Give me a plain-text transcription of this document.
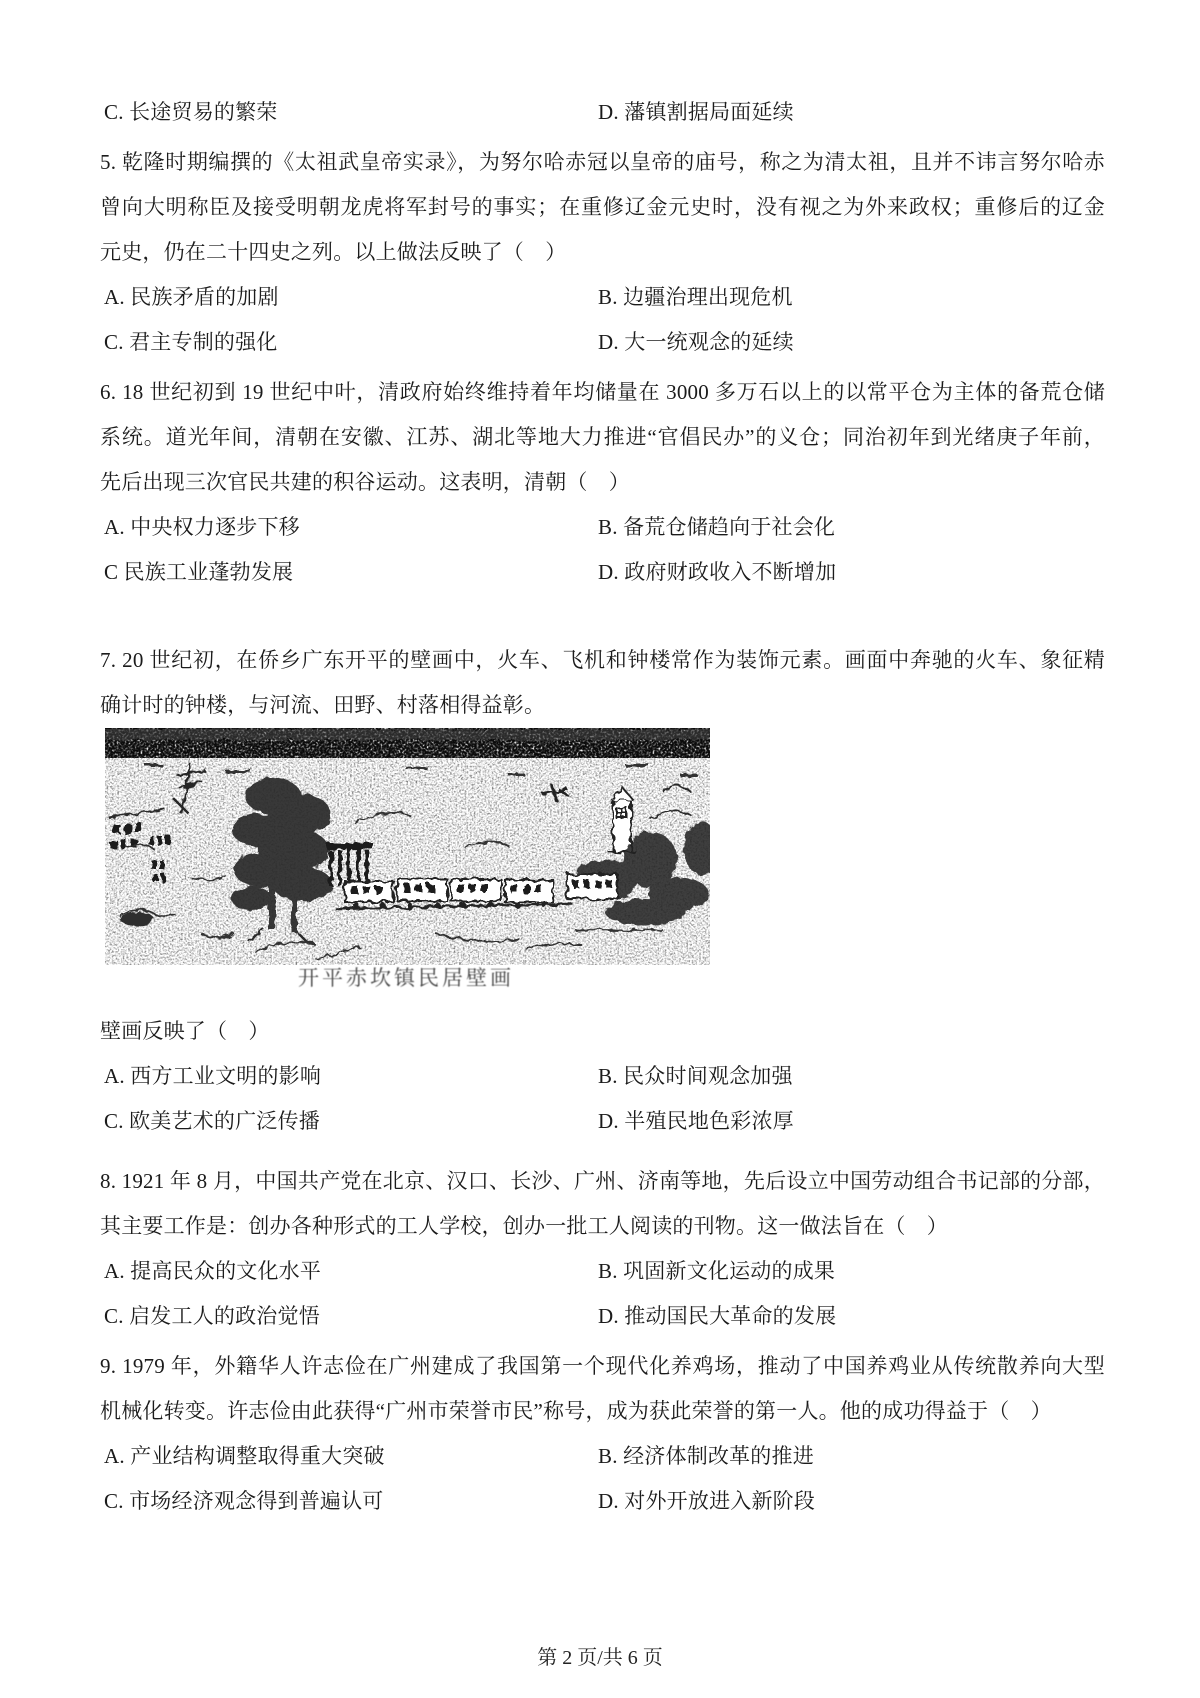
C. 长途贸易的繁荣	D. 藩镇割据局面延续
5. 乾隆时期编撰的《太祖武皇帝实录》，为努尔哈赤冠以皇帝的庙号，称之为清太祖，且并不讳言努尔哈赤
曾向大明称臣及接受明朝龙虎将军封号的事实；在重修辽金元史时，没有视之为外来政权；重修后的辽金
元史，仍在二十四史之列。以上做法反映了（　）
A. 民族矛盾的加剧	B. 边疆治理出现危机
C. 君主专制的强化	D. 大一统观念的延续
6. 18 世纪初到 19 世纪中叶，清政府始终维持着年均储量在 3000 多万石以上的以常平仓为主体的备荒仓储
系统。道光年间，清朝在安徽、江苏、湖北等地大力推进“官倡民办”的义仓；同治初年到光绪庚子年前，
先后出现三次官民共建的积谷运动。这表明，清朝（　）
A. 中央权力逐步下移	B. 备荒仓储趋向于社会化
C 民族工业蓬勃发展	D. 政府财政收入不断增加
7. 20 世纪初，在侨乡广东开平的壁画中，火车、飞机和钟楼常作为装饰元素。画面中奔驰的火车、象征精
确计时的钟楼，与河流、田野、村落相得益彰。
开平赤坎镇民居壁画
壁画反映了（　）
A. 西方工业文明的影响	B. 民众时间观念加强
C. 欧美艺术的广泛传播	D. 半殖民地色彩浓厚
8. 1921 年 8 月，中国共产党在北京、汉口、长沙、广州、济南等地，先后设立中国劳动组合书记部的分部，
其主要工作是：创办各种形式的工人学校，创办一批工人阅读的刊物。这一做法旨在（　）
A. 提高民众的文化水平	B. 巩固新文化运动的成果
C. 启发工人的政治觉悟	D. 推动国民大革命的发展
9. 1979 年，外籍华人许志俭在广州建成了我国第一个现代化养鸡场，推动了中国养鸡业从传统散养向大型
机械化转变。许志俭由此获得“广州市荣誉市民”称号，成为获此荣誉的第一人。他的成功得益于（　）
A. 产业结构调整取得重大突破	B. 经济体制改革的推进
C. 市场经济观念得到普遍认可	D. 对外开放进入新阶段
第 2 页/共 6 页
